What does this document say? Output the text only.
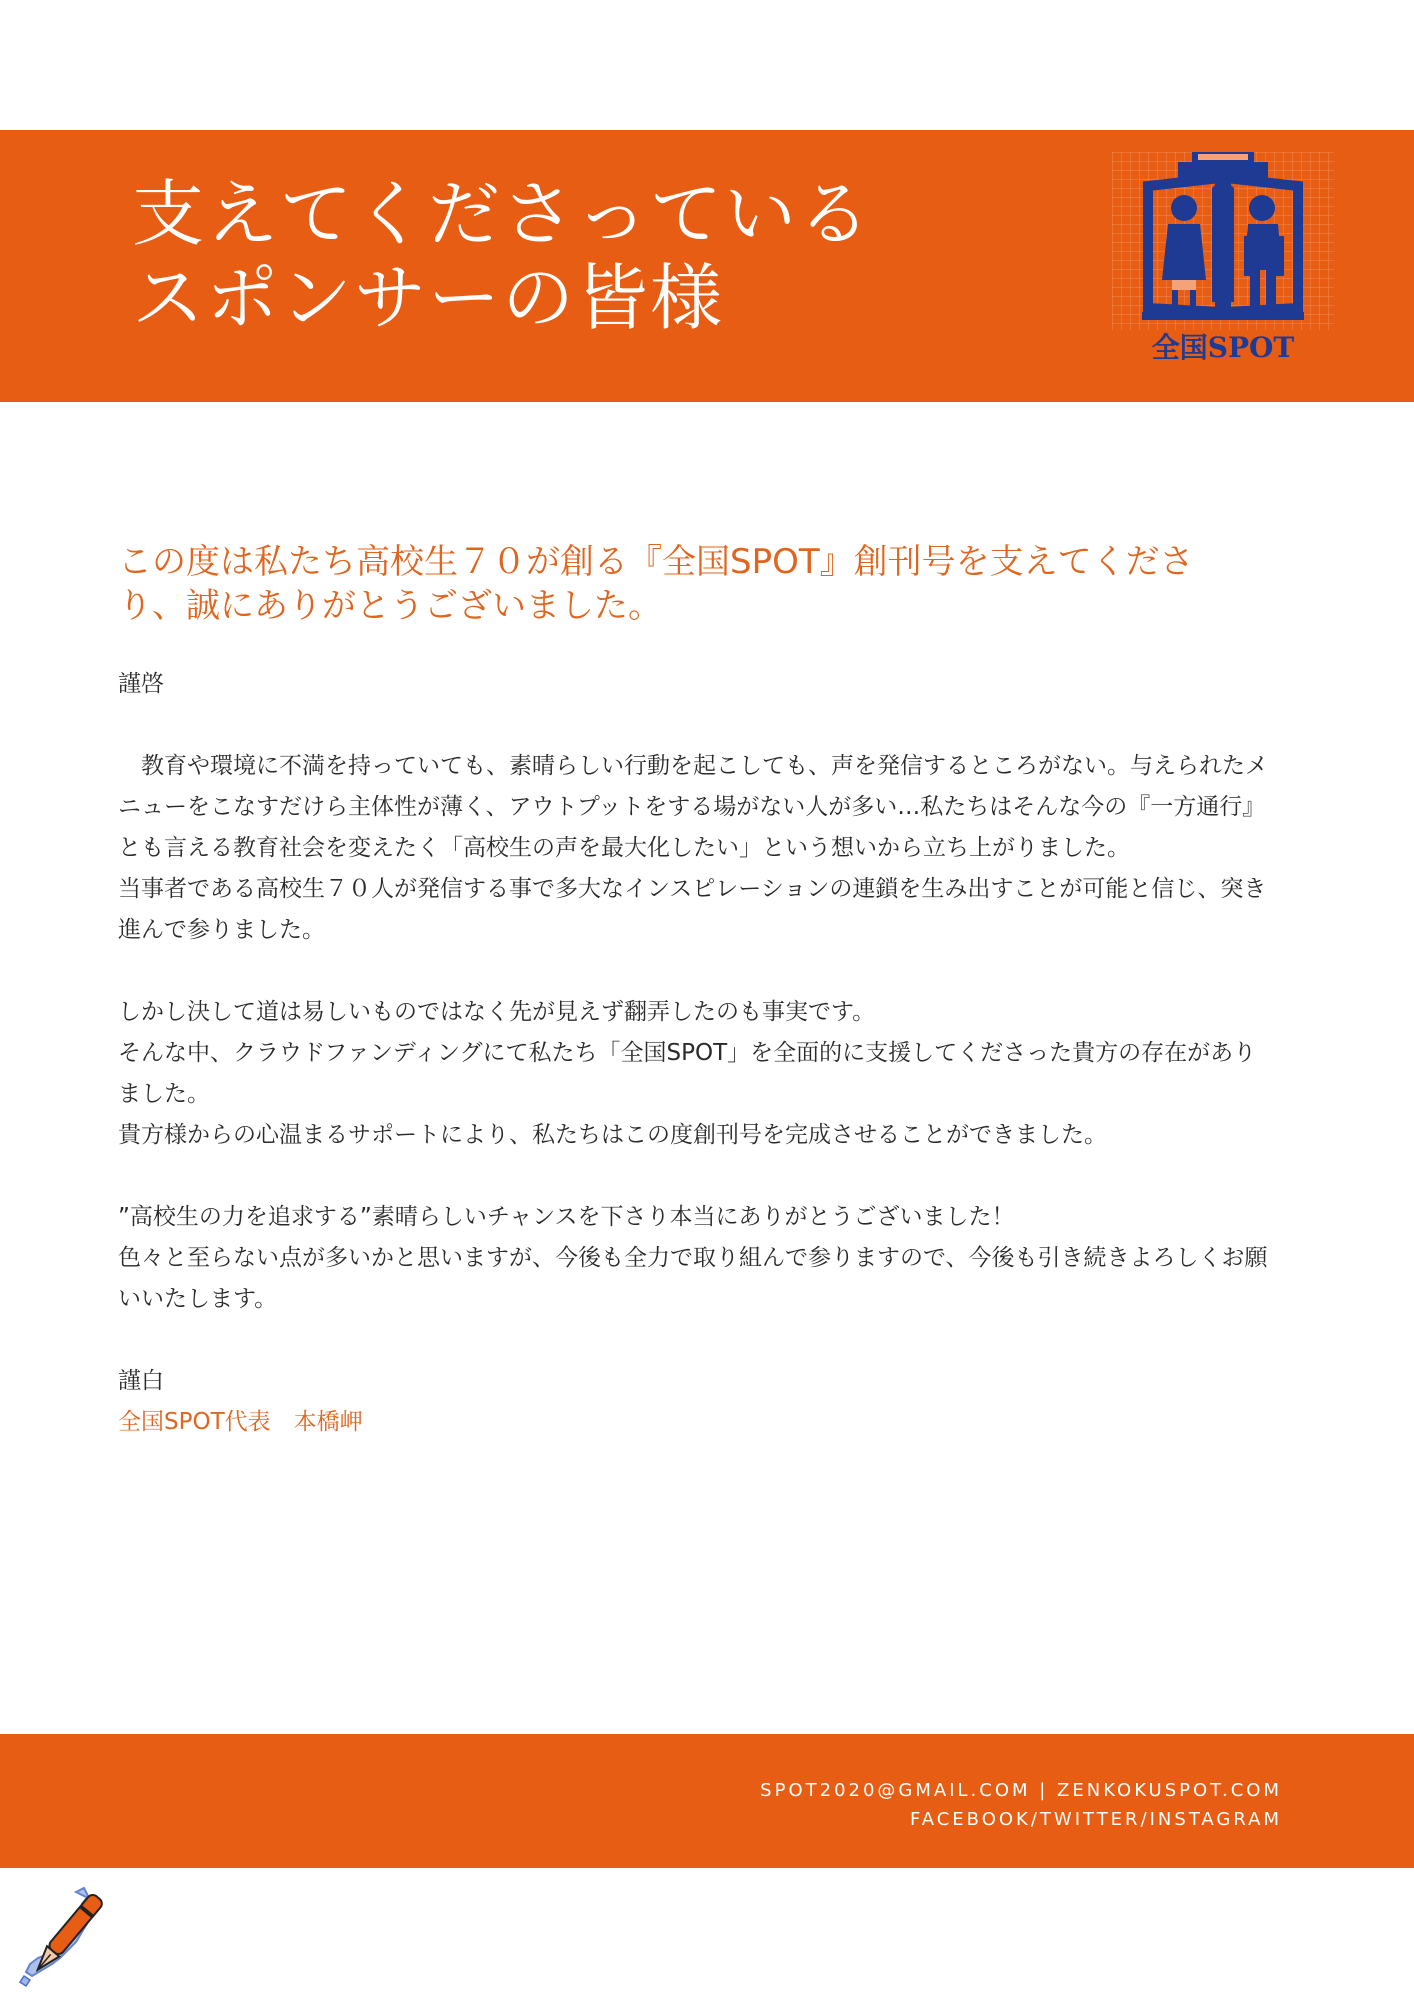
支えてくださっている
スポンサーの皆様
全国SPOT
この度は私たち高校生７０が創る『全国SPOT』創刊号を支えてくださり、誠にありがとうございました。

謹啓

教育や環境に不満を持っていても、素晴らしい行動を起こしても、声を発信するところがない。与えられたメニューをこなすだけら主体性が薄く、アウトプットをする場がない人が多い…私たちはそんな今の『一方通行』とも言える教育社会を変えたく「高校生の声を最大化したい」という想いから立ち上がりました。

当事者である高校生７０人が発信する事で多大なインスピレーションの連鎖を生み出すことが可能と信じ、突き進んで参りました。

しかし決して道は易しいものではなく先が見えず翻弄したのも事実です。

そんな中、クラウドファンディングにて私たち「全国SPOT」を全面的に支援してくださった貴方の存在がありました。

貴方様からの心温まるサポートにより、私たちはこの度創刊号を完成させることができました。

”高校生の力を追求する”素晴らしいチャンスを下さり本当にありがとうございました！

色々と至らない点が多いかと思いますが、今後も全力で取り組んで参りますので、今後も引き続きよろしくお願いいたします。

謹白

全国SPOT代表　本橋岬

SPOT2020@GMAIL.COM | ZENKOKUSPOT.COM
FACEBOOK/TWITTER/INSTAGRAM
